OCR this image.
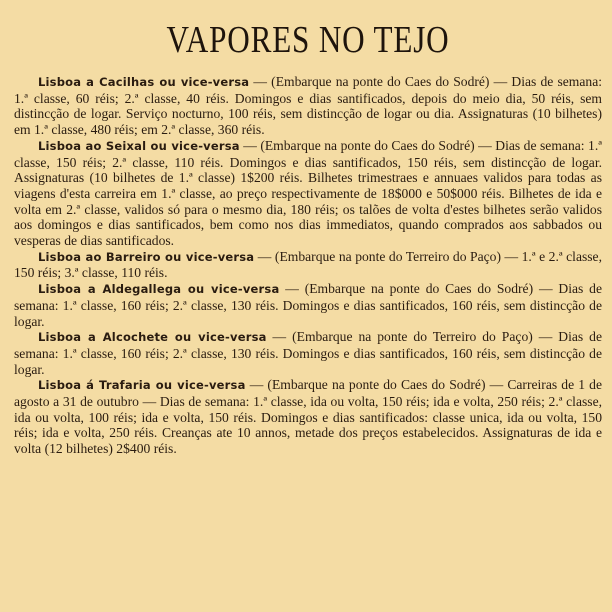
VAPORES NO TEJO

Lisboa a Cacilhas ou vice-versa — (Embarque na ponte do Caes do Sodré) — Dias de semana: 1.ª classe, 60 réis; 2.ª classe, 40 réis. Domingos e dias santificados, depois do meio dia, 50 réis, sem distincção de logar. Serviço nocturno, 100 réis, sem distincção de logar ou dia. Assignaturas (10 bilhetes) em 1.ª classe, 480 réis; em 2.ª classe, 360 réis.

Lisboa ao Seixal ou vice-versa — (Embarque na ponte do Caes do Sodré) — Dias de semana: 1.ª classe, 150 réis; 2.ª classe, 110 réis. Domingos e dias santificados, 150 réis, sem distincção de logar. Assignaturas (10 bilhetes de 1.ª classe) 1$200 réis. Bilhetes trimestraes e annuaes validos para todas as viagens d'esta carreira em 1.ª classe, ao preço respectivamente de 18$000 e 50$000 réis. Bilhetes de ida e volta em 2.ª classe, validos só para o mesmo dia, 180 réis; os talões de volta d'estes bilhetes serão validos aos domingos e dias santificados, bem como nos dias immediatos, quando comprados aos sabbados ou vesperas de dias santificados.

Lisboa ao Barreiro ou vice-versa — (Embarque na ponte do Terreiro do Paço) — 1.ª e 2.ª classe, 150 réis; 3.ª classe, 110 réis.

Lisboa a Aldegallega ou vice-versa — (Embarque na ponte do Caes do Sodré) — Dias de semana: 1.ª classe, 160 réis; 2.ª classe, 130 réis. Domingos e dias santificados, 160 réis, sem distincção de logar.

Lisboa a Alcochete ou vice-versa — (Embarque na ponte do Terreiro do Paço) — Dias de semana: 1.ª classe, 160 réis; 2.ª classe, 130 réis. Domingos e dias santificados, 160 réis, sem distincção de logar.

Lisboa á Trafaria ou vice-versa — (Embarque na ponte do Caes do Sodré) — Carreiras de 1 de agosto a 31 de outubro — Dias de semana: 1.ª classe, ida ou volta, 150 réis; ida e volta, 250 réis; 2.ª classe, ida ou volta, 100 réis; ida e volta, 150 réis. Domingos e dias santificados: classe unica, ida ou volta, 150 réis; ida e volta, 250 réis. Creanças ate 10 annos, metade dos preços estabelecidos. Assignaturas de ida e volta (12 bilhetes) 2$400 réis.
